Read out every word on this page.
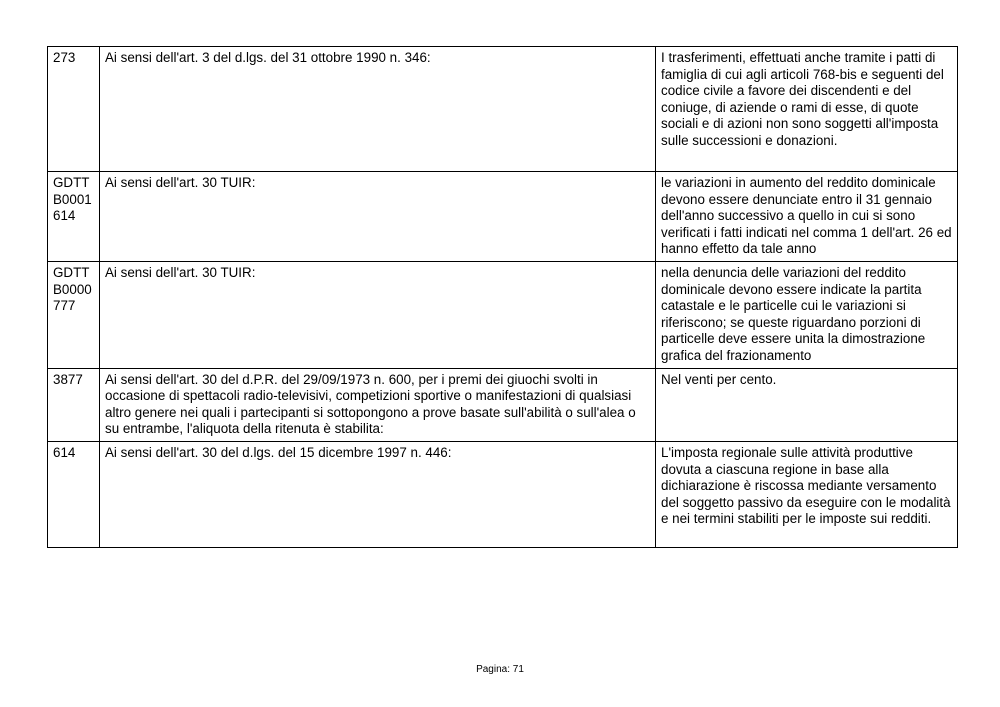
273	Ai sensi dell'art. 3 del d.lgs. del 31 ottobre 1990 n. 346:	I trasferimenti, effettuati anche tramite i patti di famiglia di cui agli articoli 768-bis e seguenti del codice civile a favore dei discendenti e del coniuge, di aziende o rami di esse, di quote sociali e di azioni non sono soggetti all'imposta sulle successioni e donazioni.
GDTT B0001 614	Ai sensi dell'art. 30 TUIR:	le variazioni in aumento del reddito dominicale devono essere denunciate entro il 31 gennaio dell'anno successivo a quello in cui si sono verificati i fatti indicati nel comma 1 dell'art. 26 ed hanno effetto da tale anno
GDTT B0000 777	Ai sensi dell'art. 30 TUIR:	nella denuncia delle variazioni del reddito dominicale devono essere indicate la partita catastale e le particelle cui le variazioni si riferiscono; se queste riguardano porzioni di particelle deve essere unita la dimostrazione grafica del frazionamento
3877	Ai sensi dell'art. 30 del d.P.R. del 29/09/1973 n. 600, per i premi dei giuochi svolti in occasione di spettacoli radio-televisivi, competizioni sportive o manifestazioni di qualsiasi altro genere nei quali i partecipanti si sottopongono a prove basate sull'abilità o sull'alea o su entrambe, l'aliquota della ritenuta è stabilita:	Nel venti per cento.
614	Ai sensi dell'art. 30 del d.lgs. del 15 dicembre 1997 n. 446:	L'imposta regionale sulle attività produttive dovuta a ciascuna regione in base alla dichiarazione è riscossa mediante versamento del soggetto passivo da eseguire con le modalità e nei termini stabiliti per le imposte sui redditi.
Pagina: 71
